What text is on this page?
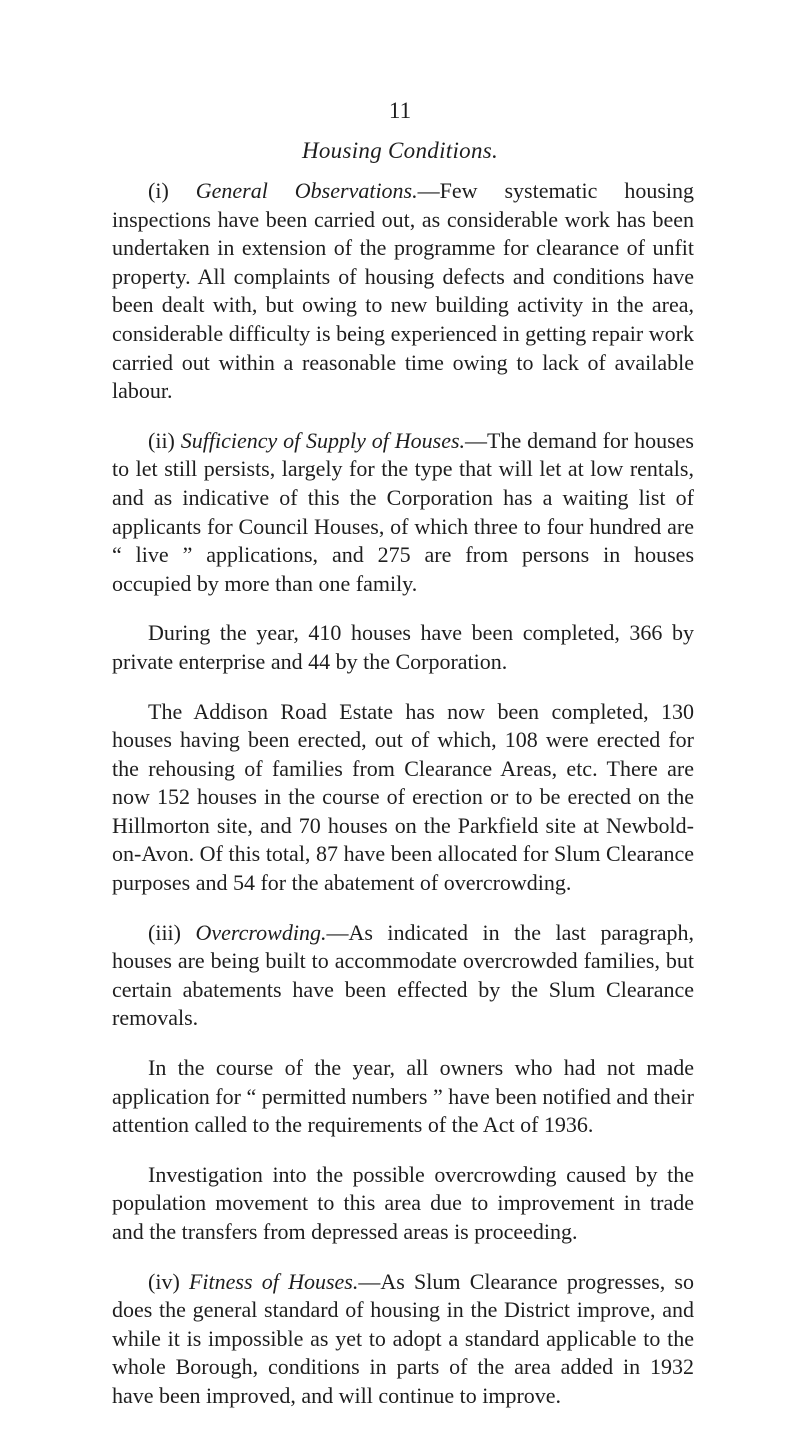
11
Housing Conditions.

(i) General Observations.—Few systematic housing inspections have been carried out, as considerable work has been undertaken in extension of the programme for clearance of unfit property. All complaints of housing defects and conditions have been dealt with, but owing to new building activity in the area, considerable difficulty is being experienced in getting repair work carried out within a reasonable time owing to lack of available labour.

(ii) Sufficiency of Supply of Houses.—The demand for houses to let still persists, largely for the type that will let at low rentals, and as indicative of this the Corporation has a waiting list of applicants for Council Houses, of which three to four hundred are “ live ” applications, and 275 are from persons in houses occupied by more than one family.

During the year, 410 houses have been completed, 366 by private enterprise and 44 by the Corporation.

The Addison Road Estate has now been completed, 130 houses having been erected, out of which, 108 were erected for the rehousing of families from Clearance Areas, etc. There are now 152 houses in the course of erection or to be erected on the Hillmorton site, and 70 houses on the Parkfield site at Newbold-on-Avon. Of this total, 87 have been allocated for Slum Clearance purposes and 54 for the abatement of overcrowding.

(iii) Overcrowding.—As indicated in the last paragraph, houses are being built to accommodate overcrowded families, but certain abatements have been effected by the Slum Clearance removals.

In the course of the year, all owners who had not made application for “ permitted numbers ” have been notified and their attention called to the requirements of the Act of 1936.

Investigation into the possible overcrowding caused by the population movement to this area due to improvement in trade and the transfers from depressed areas is proceeding.

(iv) Fitness of Houses.—As Slum Clearance progresses, so does the general standard of housing in the District improve, and while it is impossible as yet to adopt a standard applicable to the whole Borough, conditions in parts of the area added in 1932 have been improved, and will continue to improve.
